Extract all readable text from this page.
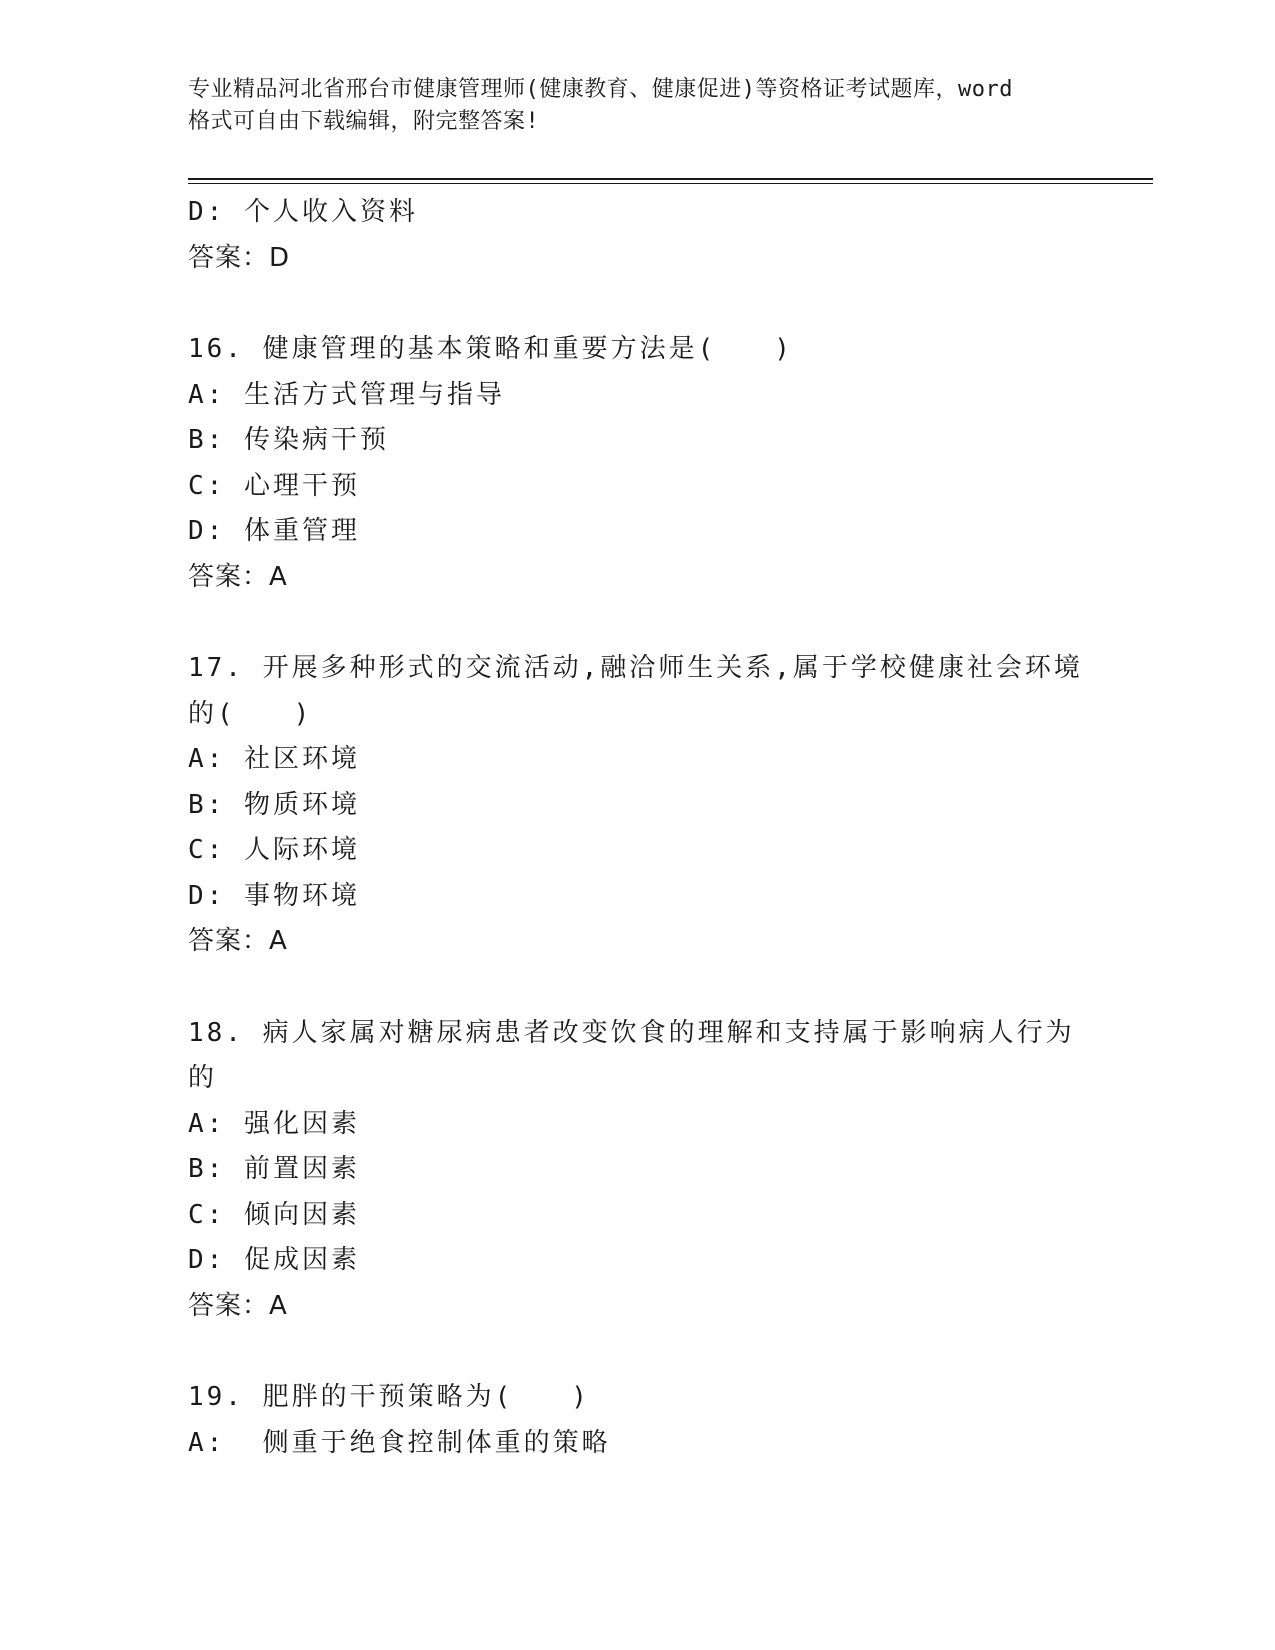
专业精品河北省邢台市健康管理师(健康教育、健康促进)等资格证考试题库，word

格式可自由下载编辑，附完整答案!

D: 个人收入资料
答案：D
16. 健康管理的基本策略和重要方法是(　　)
A: 生活方式管理与指导
B: 传染病干预
C: 心理干预
D: 体重管理
答案：A
17. 开展多种形式的交流活动,融洽师生关系,属于学校健康社会环境
的(　　)
A: 社区环境
B: 物质环境
C: 人际环境
D: 事物环境
答案：A
18. 病人家属对糖尿病患者改变饮食的理解和支持属于影响病人行为
的
A: 强化因素
B: 前置因素
C: 倾向因素
D: 促成因素
答案：A
19. 肥胖的干预策略为(　　)
A:  侧重于绝食控制体重的策略
